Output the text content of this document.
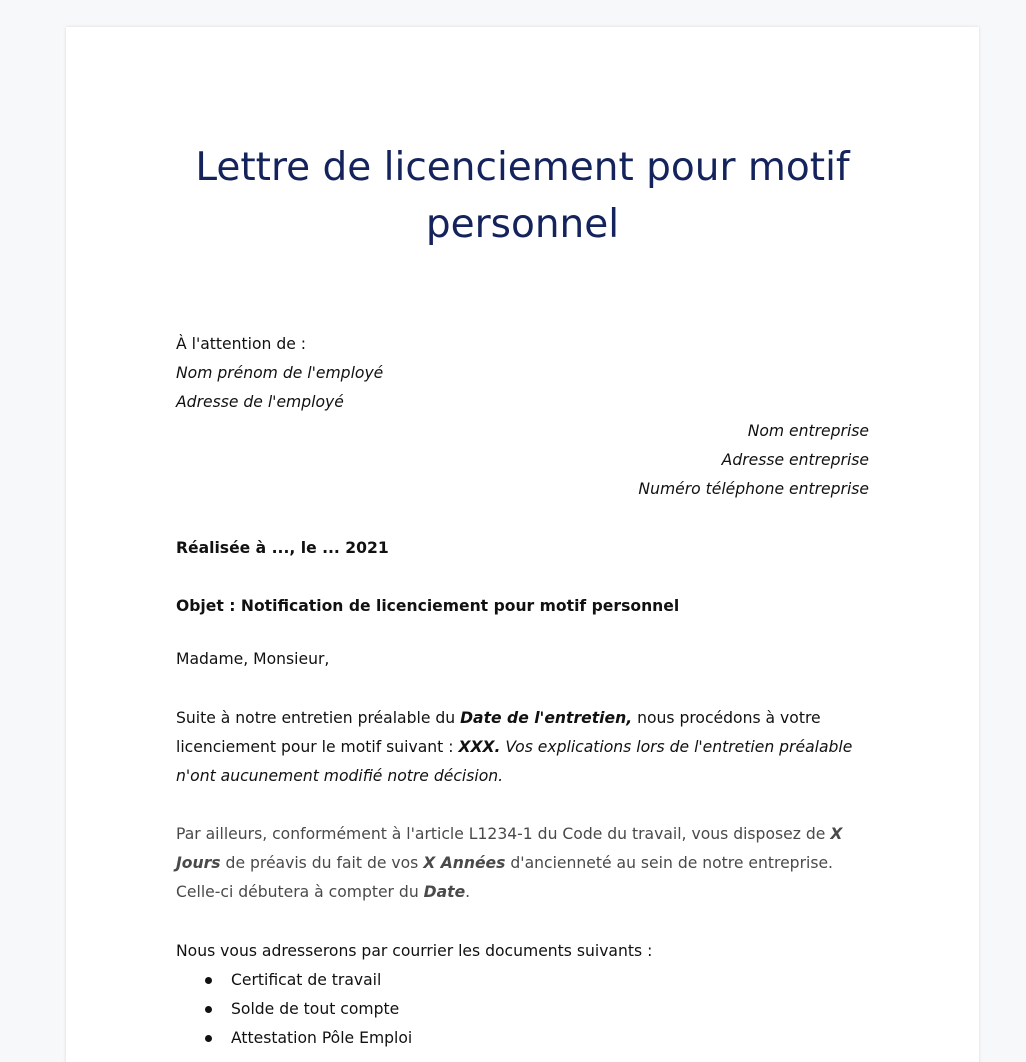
Lettre de licenciement pour motif personnel

À l'attention de :

Nom prénom de l'employé

Adresse de l'employé

Nom entreprise

Adresse entreprise

Numéro téléphone entreprise

Réalisée à ..., le ... 2021

Objet : Notification de licenciement pour motif personnel

Madame, Monsieur,

Suite à notre entretien préalable du Date de l'entretien, nous procédons à votre licenciement pour le motif suivant : XXX. Vos explications lors de l'entretien préalable n'ont aucunement modifié notre décision.

Par ailleurs, conformément à l'article L1234-1 du Code du travail, vous disposez de X Jours de préavis du fait de vos X Années d'ancienneté au sein de notre entreprise. Celle-ci débutera à compter du Date.

Nous vous adresserons par courrier les documents suivants :

Certificat de travail
Solde de tout compte
Attestation Pôle Emploi
